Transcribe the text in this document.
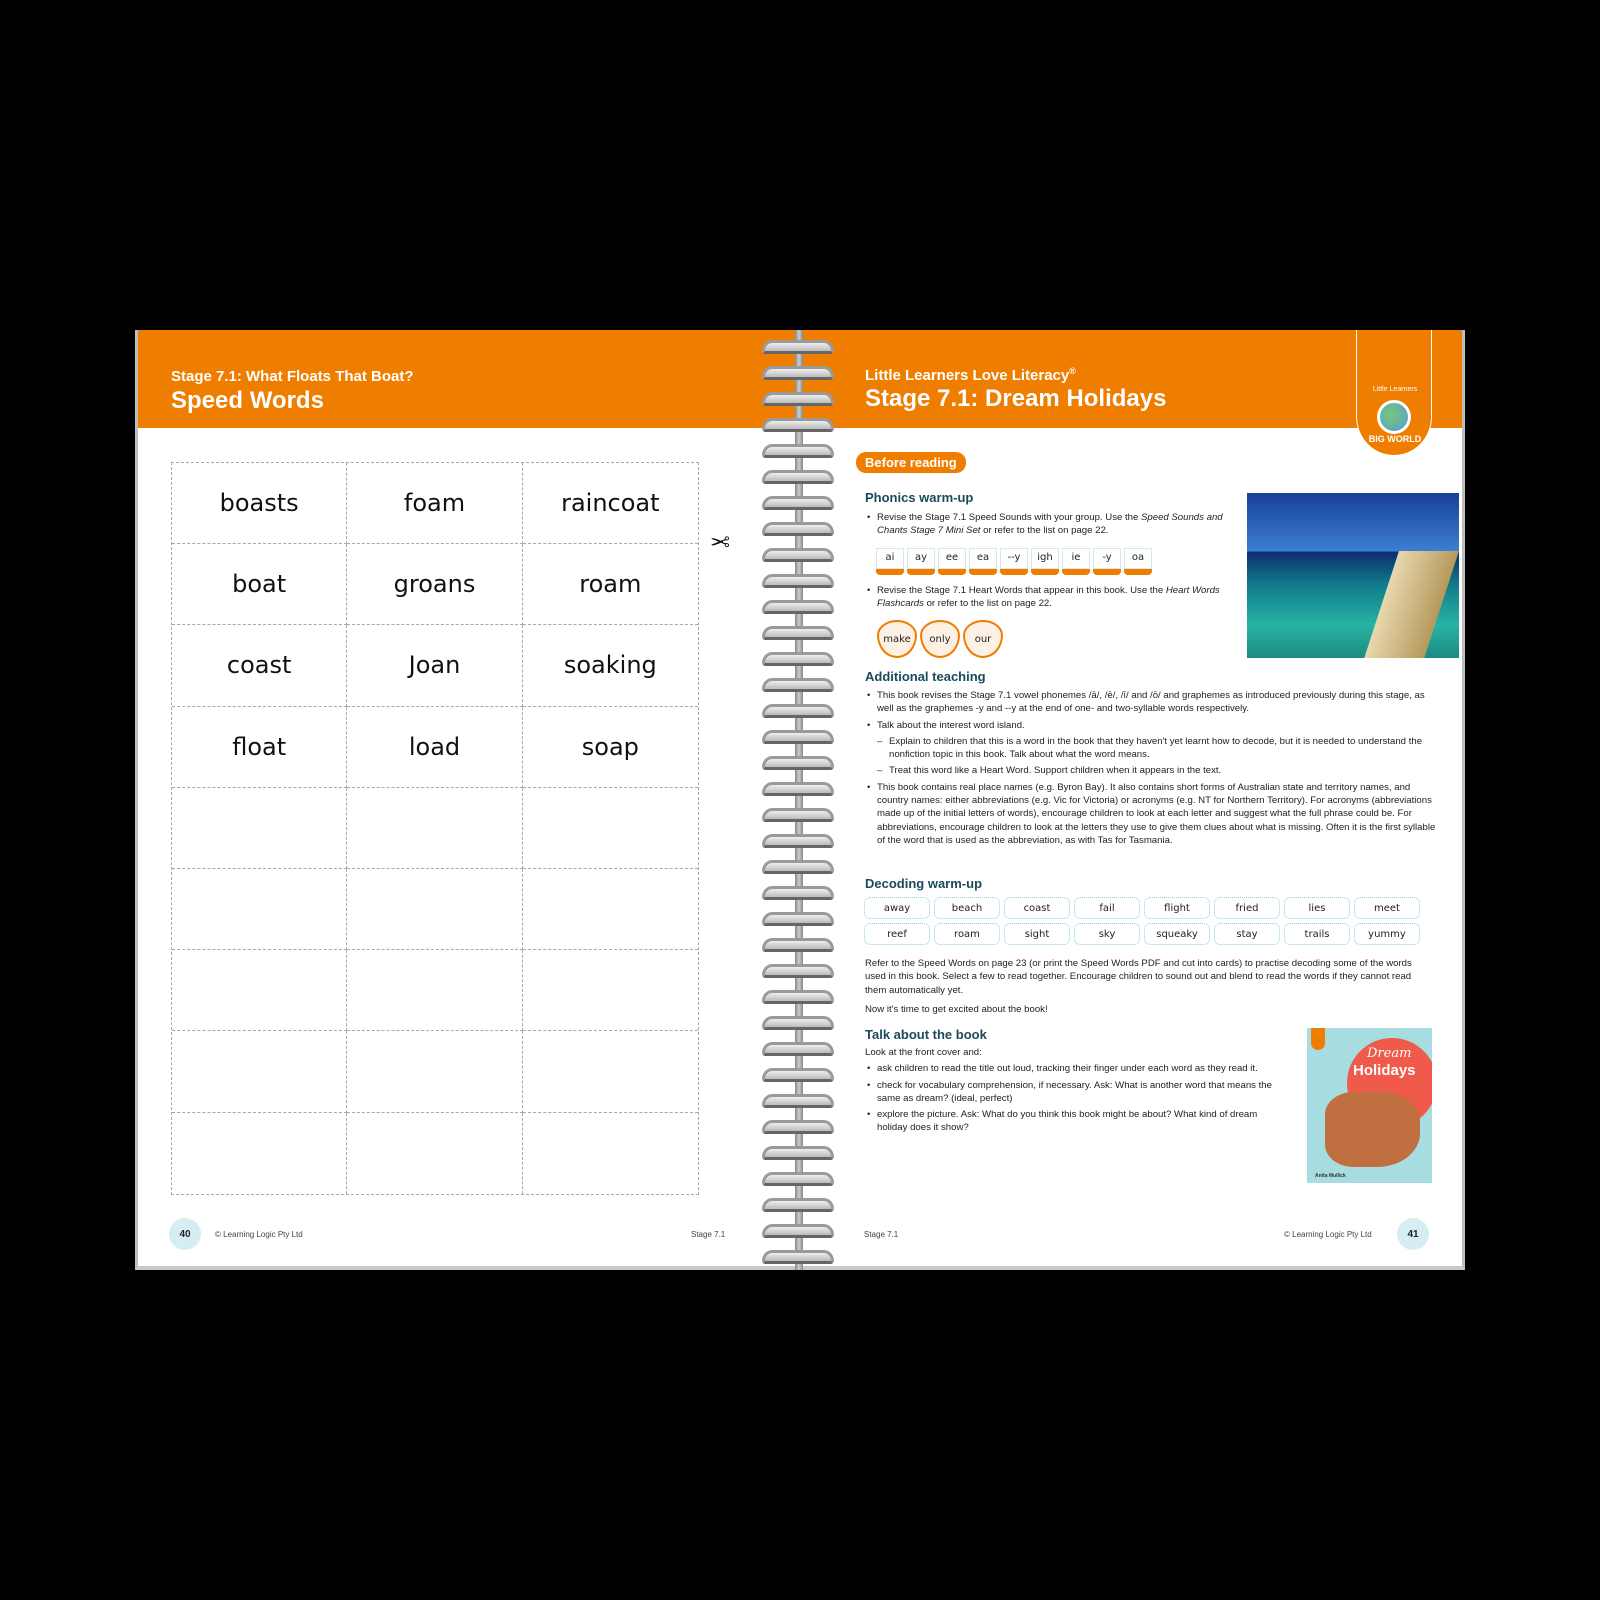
Stage 7.1: What Floats That Boat?
Speed Words
boasts	foam	raincoat
boat	groans	roam
coast	Joan	soaking
float	load	soap
✂
40	© Learning Logic Pty Ltd	Stage 7.1
Little Learners Love Literacy®
Stage 7.1: Dream Holidays
Stage 7.1	© Learning Logic Pty Ltd	41
Little Learners
BIG WORLD
Before reading
Phonics warm-up
• Revise the Stage 7.1 Speed Sounds with your group. Use the Speed Sounds and Chants Stage 7 Mini Set or refer to the list on page 22.
ai	ay	ee	ea	--y	igh	ie	-y	oa
• Revise the Stage 7.1 Heart Words that appear in this book. Use the Heart Words Flashcards or refer to the list on page 22.
make	only	our
Additional teaching
• This book revises the Stage 7.1 vowel phonemes /ā/, /ē/, /ī/ and /ō/ and graphemes as introduced previously during this stage, as well as the graphemes -y and --y at the end of one- and two-syllable words respectively.
• Talk about the interest word island.
– Explain to children that this is a word in the book that they haven't yet learnt how to decode, but it is needed to understand the nonfiction topic in this book. Talk about what the word means.
– Treat this word like a Heart Word. Support children when it appears in the text.
• This book contains real place names (e.g. Byron Bay). It also contains short forms of Australian state and territory names, and country names: either abbreviations (e.g. Vic for Victoria) or acronyms (e.g. NT for Northern Territory). For acronyms (abbreviations made up of the initial letters of words), encourage children to look at each letter and suggest what the full phrase could be. For abbreviations, encourage children to look at the letters they use to give them clues about what is missing. Often it is the first syllable of the word that is used as the abbreviation, as with Tas for Tasmania.
Decoding warm-up
away	beach	coast	fail	flight	fried	lies	meet
reef	roam	sight	sky	squeaky	stay	trails	yummy
Refer to the Speed Words on page 23 (or print the Speed Words PDF and cut into cards) to practise decoding some of the words used in this book. Select a few to read together. Encourage children to sound out and blend to read the words if they cannot read them automatically yet.
Now it's time to get excited about the book!
Talk about the book
Look at the front cover and:
• ask children to read the title out loud, tracking their finger under each word as they read it.
• check for vocabulary comprehension, if necessary. Ask: What is another word that means the same as dream? (ideal, perfect)
• explore the picture. Ask: What do you think this book might be about? What kind of dream holiday does it show?
Dream
Holidays
Anita Mullick
